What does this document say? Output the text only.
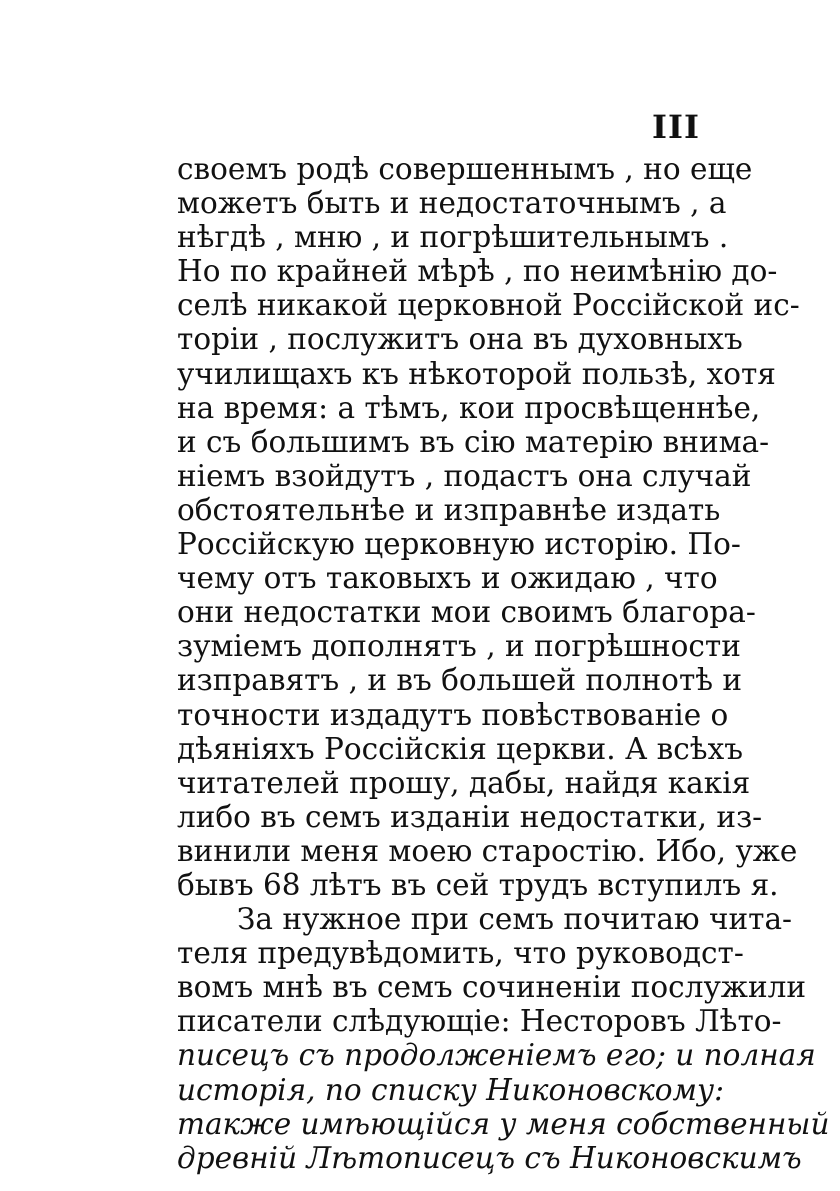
III
своемъ родѣ совершеннымъ , но еще
можетъ быть и недостаточнымъ , а
нѣгдѣ , мню , и погрѣшительнымъ .
Но по крайней мѣрѣ , по неимѣнію до-
селѣ никакой церковной Россійской ис-
торіи , послужитъ она въ духовныхъ
училищахъ къ нѣкоторой пользѣ, хотя
на время: а тѣмъ, кои просвѣщеннѣе,
и съ большимъ въ сію матерію внима-
ніемъ взойдутъ , подастъ она случай
обстоятельнѣе и изправнѣе издать
Россійскую церковную исторію. По-
чему отъ таковыхъ и ожидаю , что
они недостатки мои своимъ благора-
зуміемъ дополнятъ , и погрѣшности
изправятъ , и въ большей полнотѣ и
точности издадутъ повѣствованіе о
дѣяніяхъ Россійскія церкви. А всѣхъ
читателей прошу, дабы, найдя какія
либо въ семъ изданіи недостатки, из-
винили меня моею старостію. Ибо, уже
бывъ 68 лѣтъ въ сей трудъ вступилъ я.
За нужное при семъ почитаю чита-
теля предувѣдомить, что руководст-
вомъ мнѣ въ семъ сочиненіи послужили
писатели слѣдующіе: Несторовъ Лѣто-
писецъ съ продолженіемъ его; и полная
исторія, по списку Никоновскому:
также имѣющійся у меня собственный
древній Лѣтописецъ съ Никоновскимъ
